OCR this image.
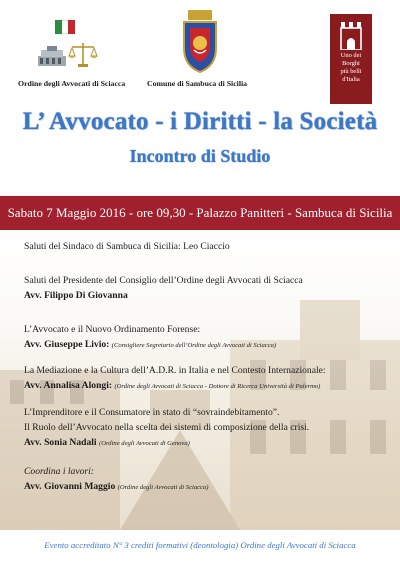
Ordine degli Avvocati di Sciacca	Comune di Sambuca di Sicilia
Uno dei
Borghi
più belli
d'Italia
L’ Avvocato - i Diritti - la Società
Incontro di Studio
Sabato 7 Maggio 2016 - ore 09,30 - Palazzo Panitteri - Sambuca di Sicilia
Saluti del Sindaco di Sambuca di Sicilia: Leo Ciaccio
Saluti del Presidente del Consiglio dell’Ordine degli Avvocati di Sciacca
Avv. Filippo Di Giovanna
L’Avvocato e il Nuovo Ordinamento Forense:
Avv. Giuseppe Livio: (Consigliere Segretario dell’Ordine degli Avvocati di Sciacca)
La Mediazione e la Cultura dell’A.D.R. in Italia e nel Contesto Internazionale:
Avv. Annalisa Alongi: (Ordine degli Avvocati di Sciacca - Dottore di Ricerca Università di Palermo)
L’Imprenditore e il Consumatore in stato di “sovraindebitamento”.
Il Ruolo dell’Avvocato nella scelta dei sistemi di composizione della crisi.
Avv. Sonia Nadali (Ordine degli Avvocati di Genova)
Coordina i lavori:
Avv. Giovanni Maggio (Ordine degli Avvocati di Sciacca)
Evento accreditato N° 3 crediti formativi (deontologia) Ordine degli Avvocati di Sciacca
